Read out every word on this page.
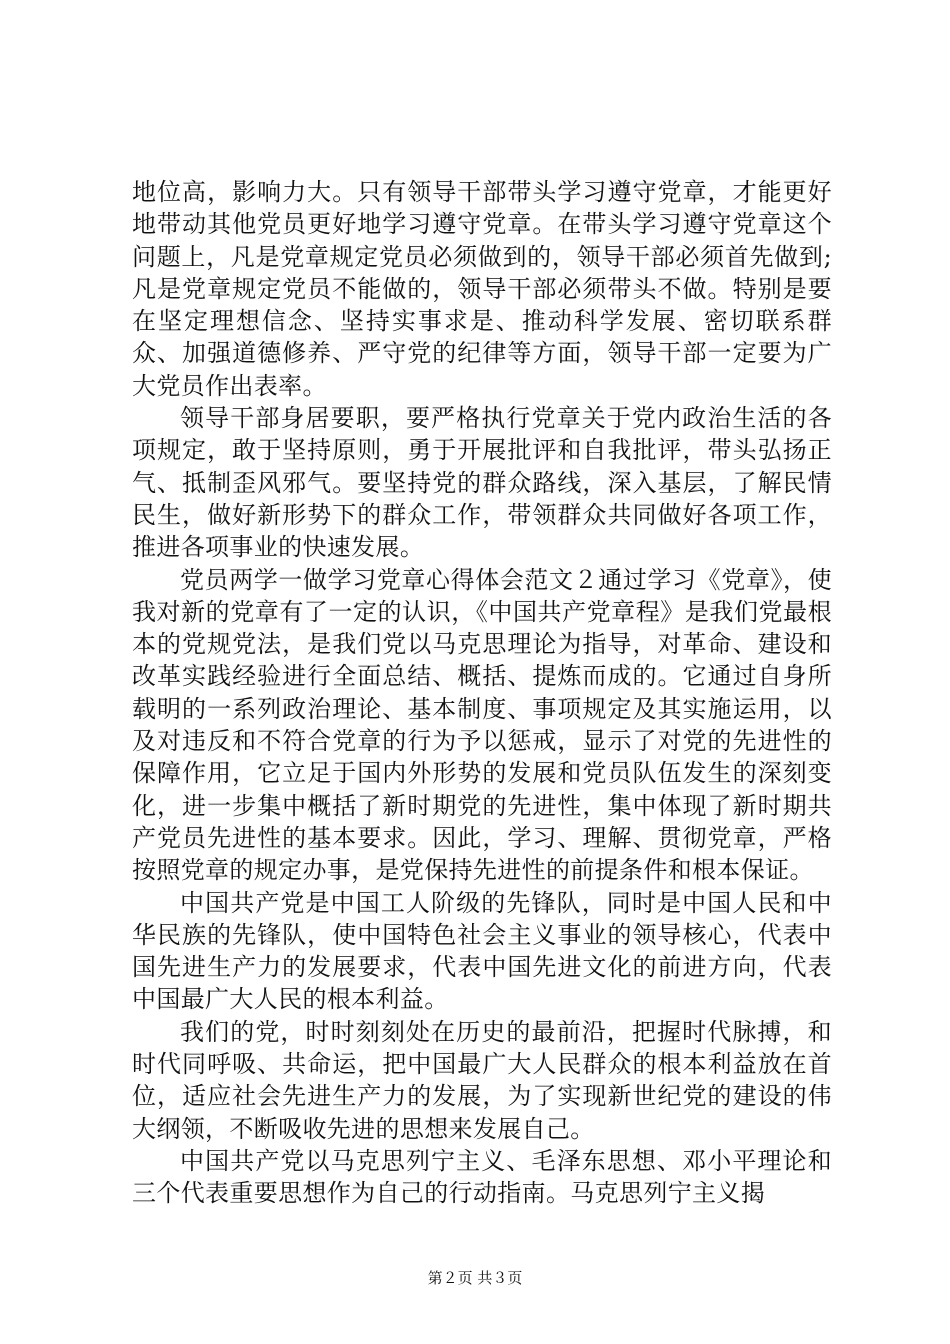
地位高，影响力大。只有领导干部带头学习遵守党章，才能更好地带动其他党员更好地学习遵守党章。在带头学习遵守党章这个问题上，凡是党章规定党员必须做到的，领导干部必须首先做到;凡是党章规定党员不能做的，领导干部必须带头不做。特别是要在坚定理想信念、坚持实事求是、推动科学发展、密切联系群众、加强道德修养、严守党的纪律等方面，领导干部一定要为广大党员作出表率。

领导干部身居要职，要严格执行党章关于党内政治生活的各项规定，敢于坚持原则，勇于开展批评和自我批评，带头弘扬正气、抵制歪风邪气。要坚持党的群众路线，深入基层，了解民情民生，做好新形势下的群众工作，带领群众共同做好各项工作，推进各项事业的快速发展。

党员两学一做学习党章心得体会范文２通过学习《党章》，使我对新的党章有了一定的认识，《中国共产党章程》是我们党最根本的党规党法，是我们党以马克思理论为指导，对革命、建设和改革实践经验进行全面总结、概括、提炼而成的。它通过自身所载明的一系列政治理论、基本制度、事项规定及其实施运用，以及对违反和不符合党章的行为予以惩戒，显示了对党的先进性的保障作用，它立足于国内外形势的发展和党员队伍发生的深刻变化，进一步集中概括了新时期党的先进性，集中体现了新时期共产党员先进性的基本要求。因此，学习、理解、贯彻党章，严格按照党章的规定办事，是党保持先进性的前提条件和根本保证。

中国共产党是中国工人阶级的先锋队，同时是中国人民和中华民族的先锋队，使中国特色社会主义事业的领导核心，代表中国先进生产力的发展要求，代表中国先进文化的前进方向，代表中国最广大人民的根本利益。

我们的党，时时刻刻处在历史的最前沿，把握时代脉搏，和时代同呼吸、共命运，把中国最广大人民群众的根本利益放在首位，适应社会先进生产力的发展，为了实现新世纪党的建设的伟大纲领，不断吸收先进的思想来发展自己。

中国共产党以马克思列宁主义、毛泽东思想、邓小平理论和三个代表重要思想作为自己的行动指南。马克思列宁主义揭

第２页 共３页
